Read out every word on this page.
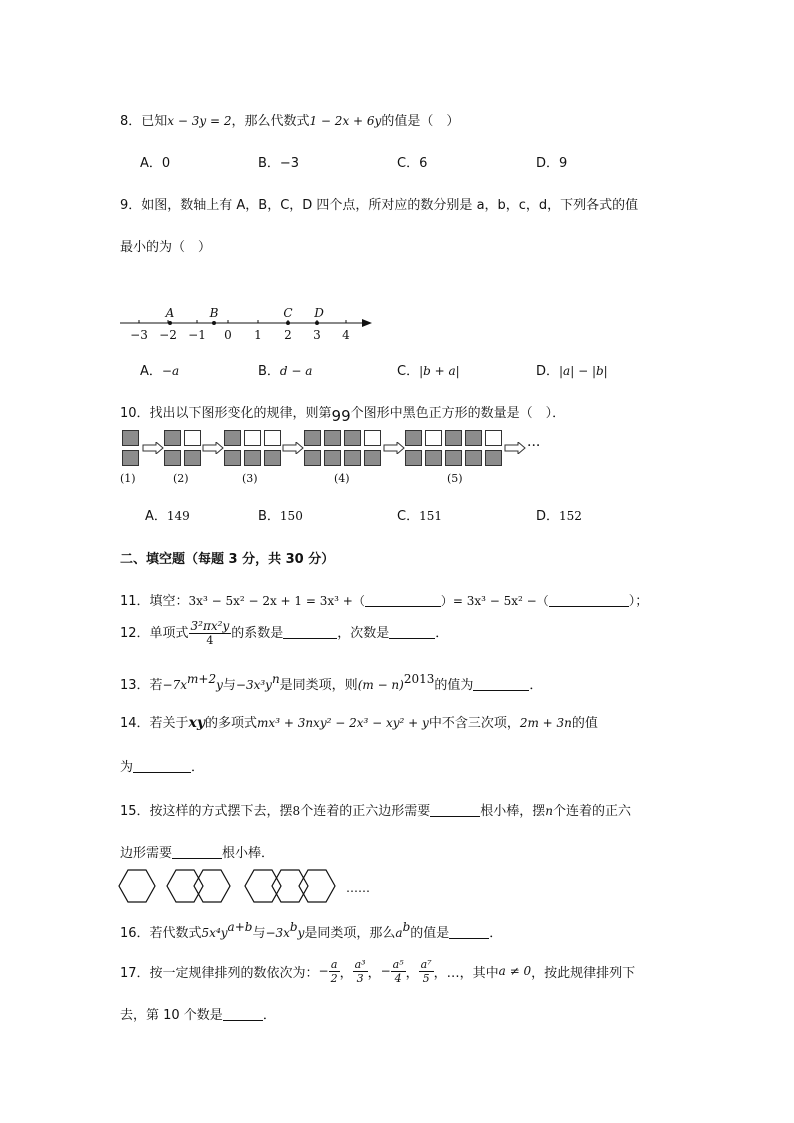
8．已知x − 3y = 2，那么代数式1 − 2x + 6y的值是（　）
A．0	B．−3	C．6	D．9
9．如图，数轴上有 A，B，C，D 四个点，所对应的数分别是 a，b，c，d，下列各式的值
最小的为（　）
A	B	C D
−3 −2 −1 0 1 2 3 4
A．−a	B．d − a	C．|b + a|	D．|a| − |b|
10．找出以下图形变化的规律，则第99个图形中黑色正方形的数量是（　）．
···
(1)	(2)	(3)	(4)	(5)
A．149	B．150	C．151	D．152
二、填空题（每题 3 分，共 30 分）
11．填空：3x³ − 5x² − 2x + 1 = 3x³ +（	）= 3x³ − 5x² −（	）；
12．单项式 $\frac{\text{3²πx²y}}{4}$ 的系数是	，次数是	．
13．若$-7x^{m+2}y$与$-3x^3y^n$是同类项，则$(m - n)^{2013}$的值为	．
14．若关于xy的多项式mx³ + 3nxy² − 2x³ − xy² + y中不含三次项，2m + 3n的值
为	．
15．按这样的方式摆下去，摆8个连着的正六边形需要	根小棒，摆n个连着的正六
边形需要	根小棒．
……
16．若代数式$5x^4y^{a+b}$与$-3x^by$是同类项，那么$a^b$的值是	．
17．按一定规律排列的数依次为： − $\frac{a}{2}$ ， $\frac{\text{a³}}{3}$ ， − $\frac{\text{a⁵}}{4}$ ， $\frac{\text{a⁷}}{5}$ ，…，其中 a ≠ 0 ，按此规律排列下
去，第 10 个数是	．
